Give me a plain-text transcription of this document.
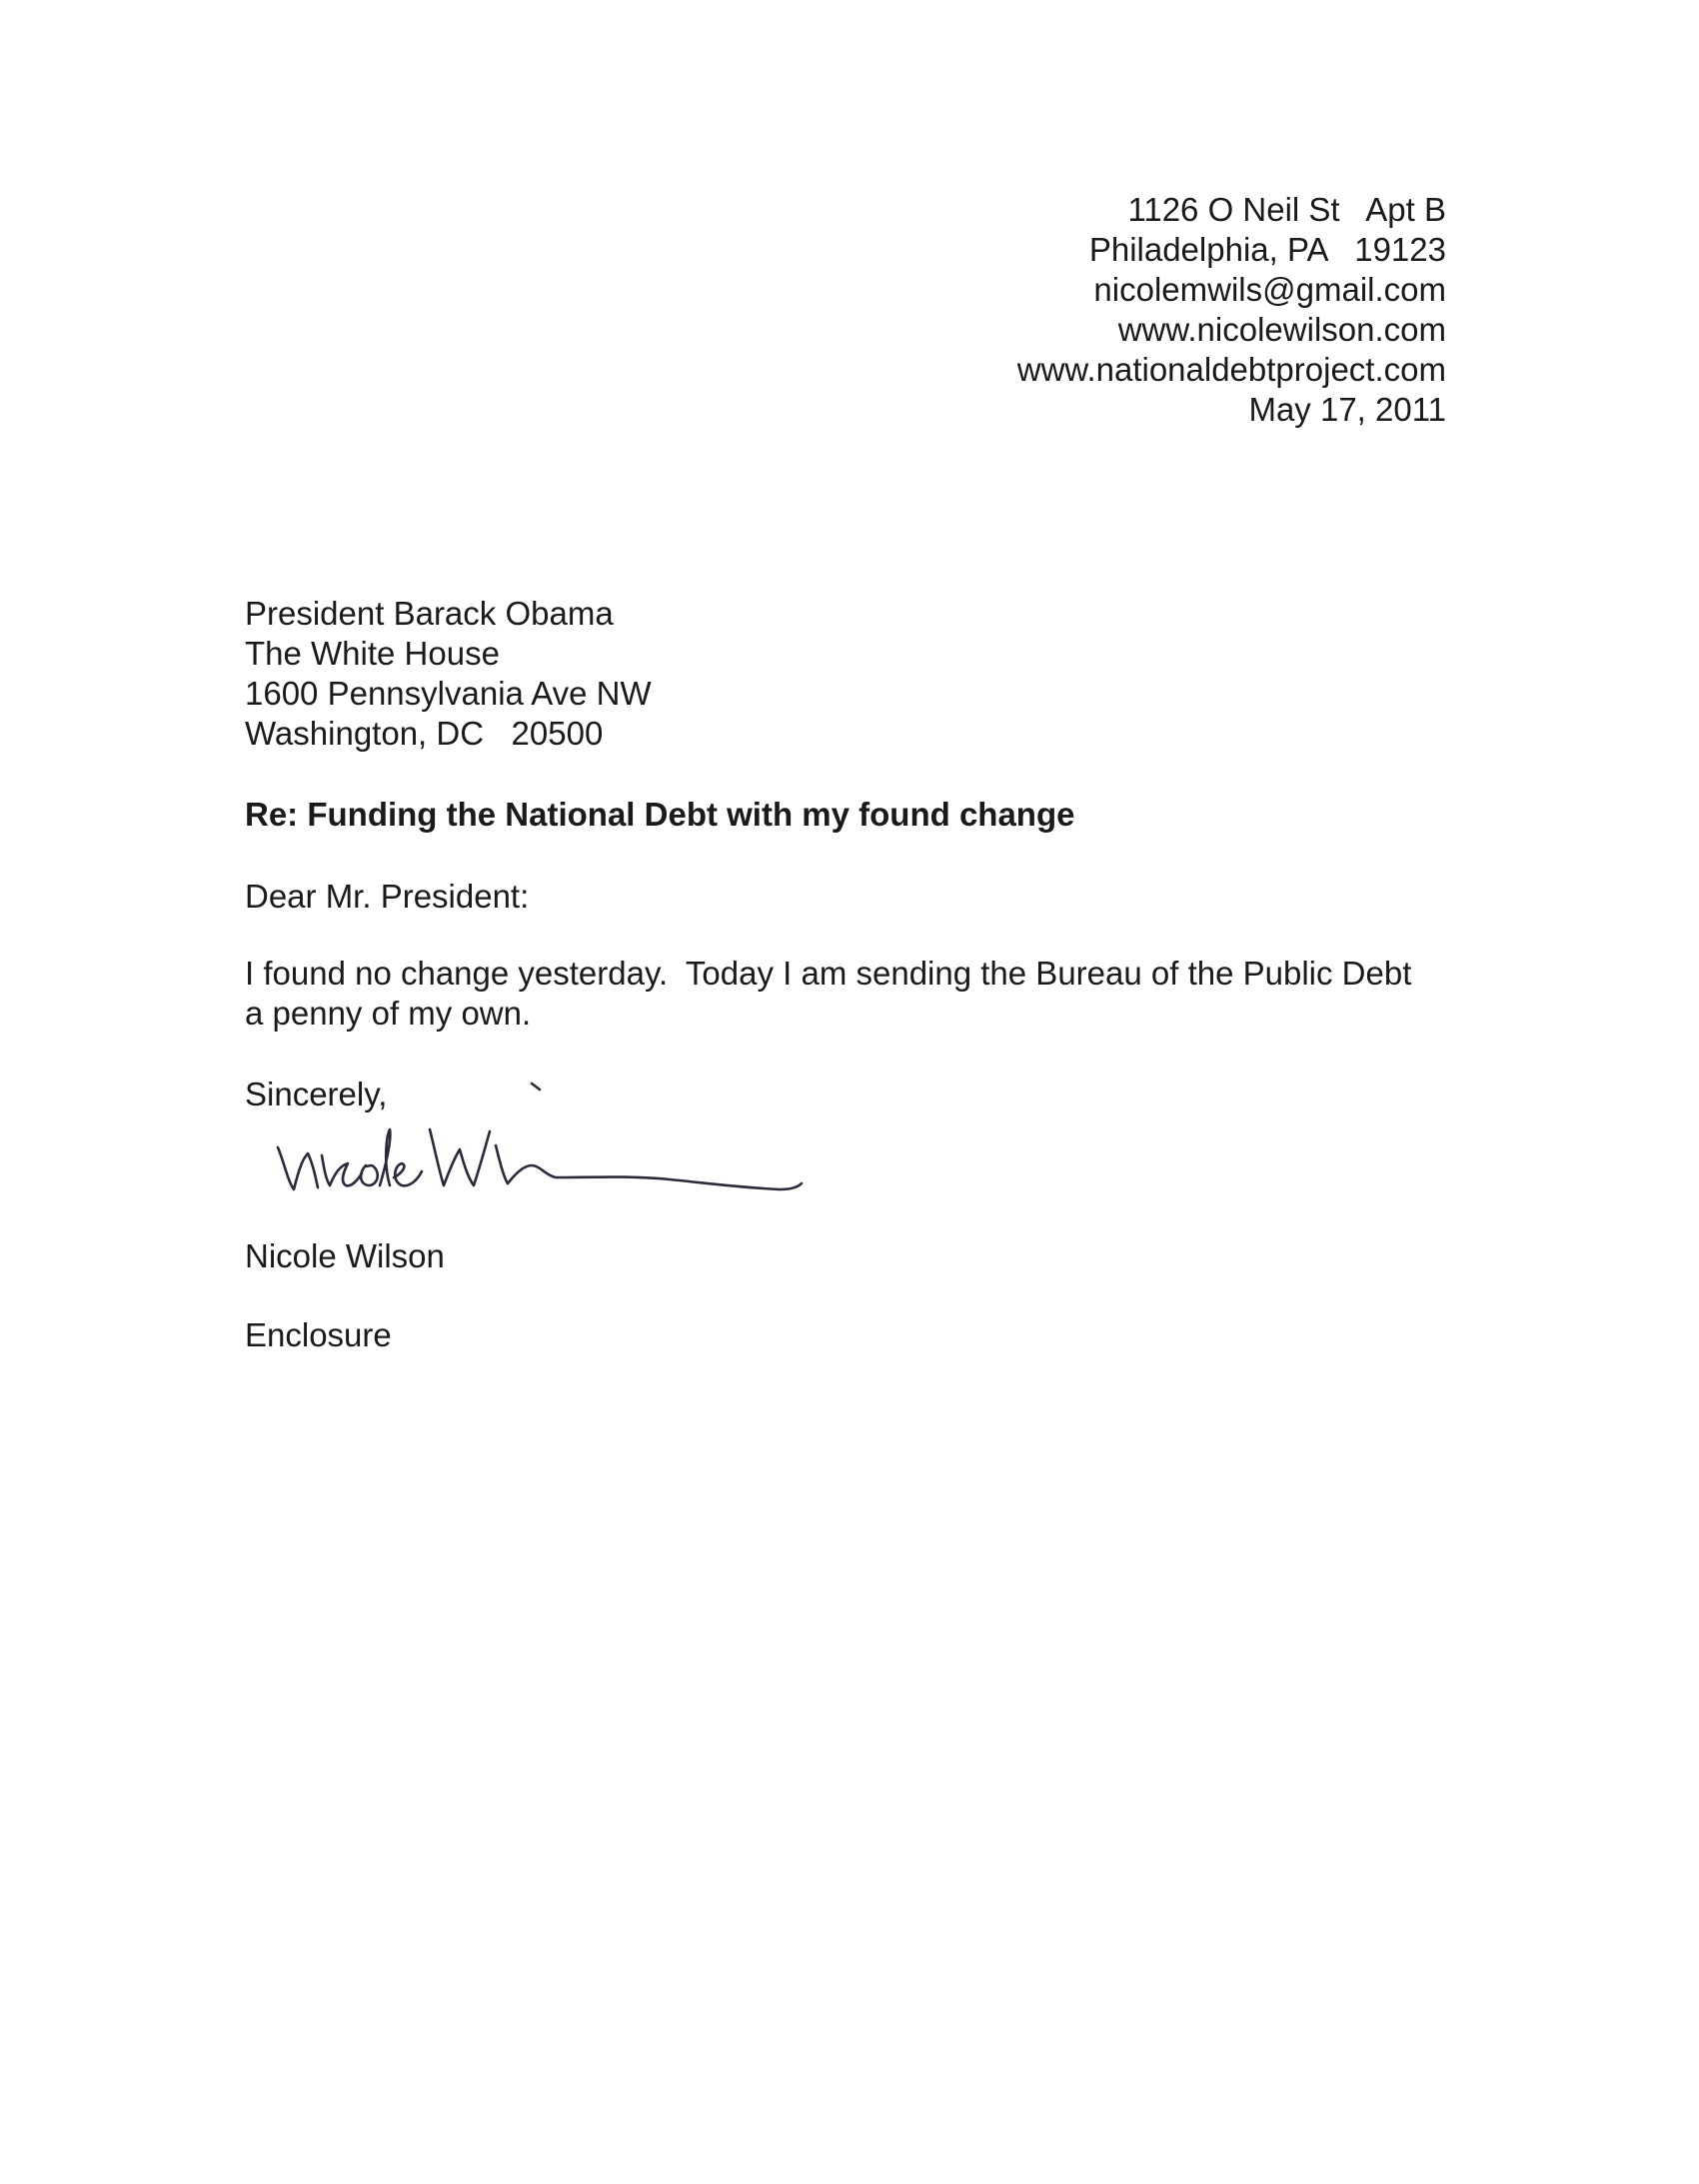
1126 O Neil St   Apt B
Philadelphia, PA   19123
nicolemwils@gmail.com
www.nicolewilson.com
www.nationaldebtproject.com
May 17, 2011
President Barack Obama
The White House
1600 Pennsylvania Ave NW
Washington, DC   20500
Re: Funding the National Debt with my found change
Dear Mr. President:
I found no change yesterday.  Today I am sending the Bureau of the Public Debt
a penny of my own.
Sincerely,
Nicole Wilson
Enclosure
